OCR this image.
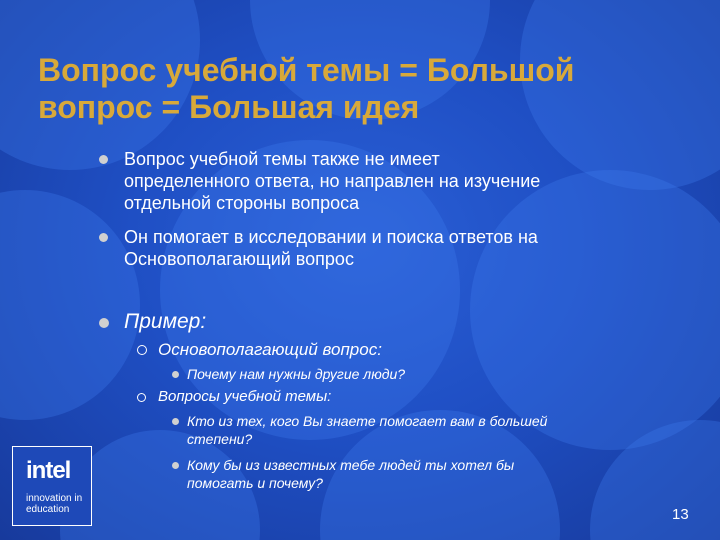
Вопрос учебной темы = Большой
вопрос = Большая идея
Вопрос учебной темы также не имеет
определенного ответа, но направлен на изучение
отдельной стороны вопроса
Он помогает в исследовании и поиска ответов на
Основополагающий вопрос
Пример:
Основополагающий вопрос:
Почему нам нужны другие люди?
Вопросы учебной темы:
Кто из тех, кого Вы знаете помогает вам в большей
степени?
Кому бы из известных тебе людей ты хотел бы
помогать и почему?
intel
innovation in
education	13
